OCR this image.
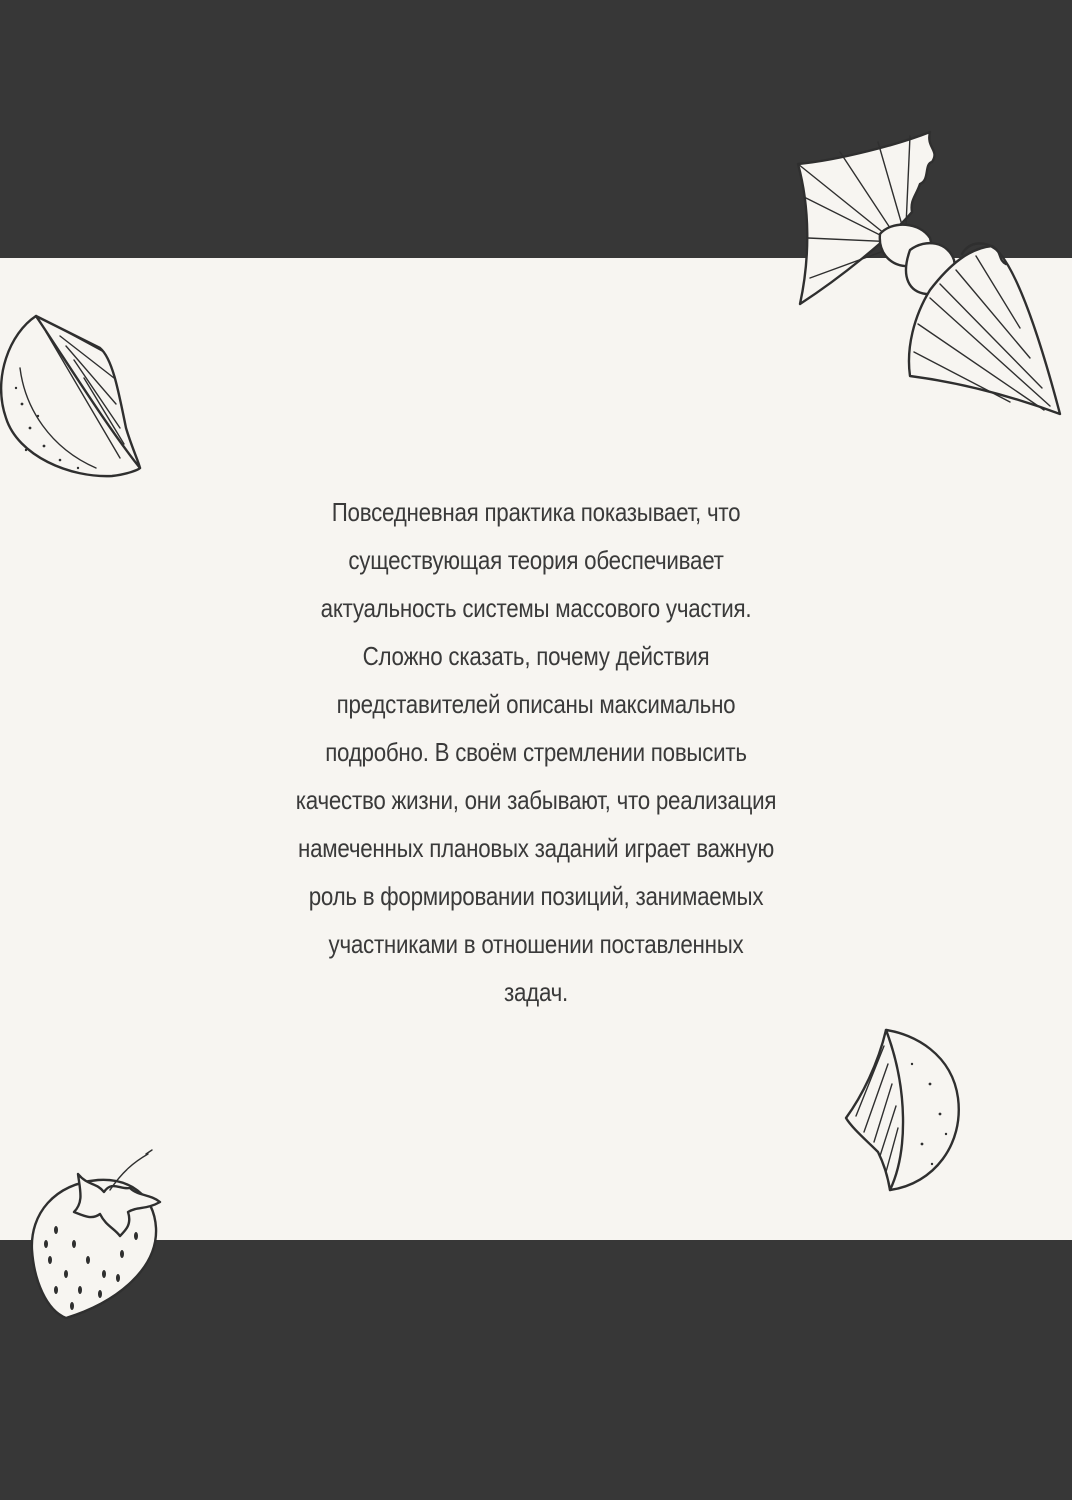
Повседневная практика показывает, что
существующая теория обеспечивает
актуальность системы массового участия.
Сложно сказать, почему действия
представителей описаны максимально
подробно. В своём стремлении повысить
качество жизни, они забывают, что реализация
намеченных плановых заданий играет важную
роль в формировании позиций, занимаемых
участниками в отношении поставленных
задач.
